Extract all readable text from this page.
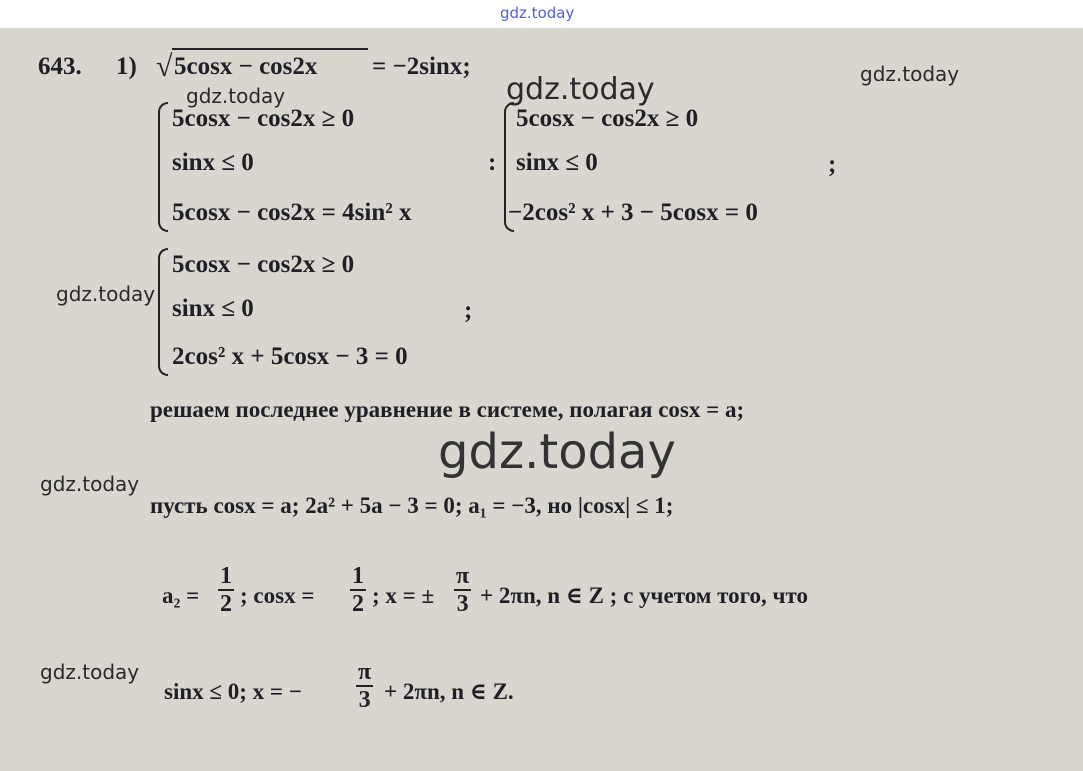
gdz.today
643. 1) √ 5cosx − cos2x = −2sinx;	gdz.today
gdz.today
5cosx − cos2x ≥ 0
sinx ≤ 0
5cosx − cos2x = 4sin² x
:
gdz.today
5cosx − cos2x ≥ 0
sinx ≤ 0
−2cos² x + 3 − 5cosx = 0
;
gdz.today
5cosx − cos2x ≥ 0
sinx ≤ 0
2cos² x + 5cosx − 3 = 0
;
решаем последнее уравнение в системе, полагая cosx = a;
gdz.today
gdz.today
пусть cosx = a; 2a² + 5a − 3 = 0; a₁ = −3, но |cosx| ≤ 1;
$a_2 = \frac{1}{2}$ ; $\cos x = \frac{1}{2}$ ; x = ± $\frac{\pi}{3} + 2\pi n$, n ∈ Z ; с учетом того, что
gdz.today
sinx ≤ 0; x = − $\frac{\pi}{3} + 2\pi n$, n ∈ Z.
